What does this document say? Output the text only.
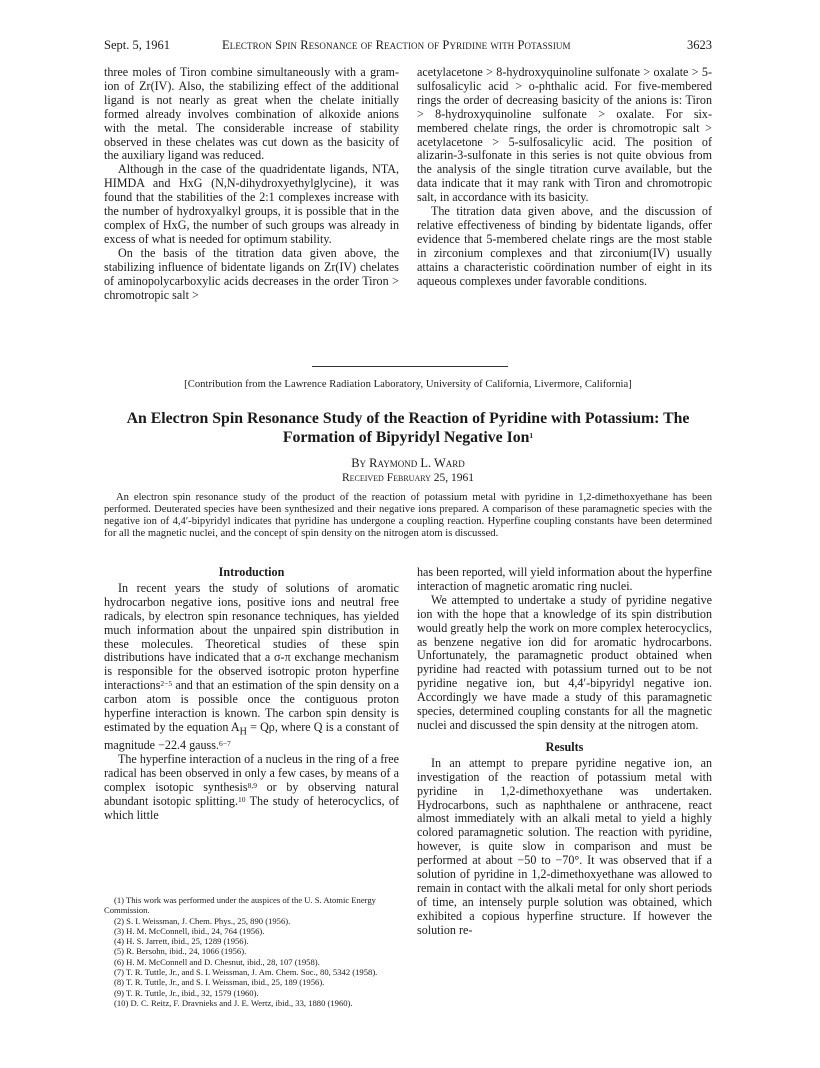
Sept. 5, 1961	Electron Spin Resonance of Reaction of Pyridine with Potassium	3623

three moles of Tiron combine simultaneously with a gram-ion of Zr(IV). Also, the stabilizing effect of the additional ligand is not nearly as great when the chelate initially formed already involves combination of alkoxide anions with the metal. The considerable increase of stability observed in these chelates was cut down as the basicity of the auxiliary ligand was reduced.

Although in the case of the quadridentate ligands, NTA, HIMDA and HxG (N,N-dihydroxyethylglycine), it was found that the stabilities of the 2:1 complexes increase with the number of hydroxyalkyl groups, it is possible that in the complex of HxG, the number of such groups was already in excess of what is needed for optimum stability.

On the basis of the titration data given above, the stabilizing influence of bidentate ligands on Zr(IV) chelates of aminopolycarboxylic acids decreases in the order Tiron > chromotropic salt >

acetylacetone > 8-hydroxyquinoline sulfonate > oxalate > 5-sulfosalicylic acid > o-phthalic acid. For five-membered rings the order of decreasing basicity of the anions is: Tiron > 8-hydroxyquinoline sulfonate > oxalate. For six-membered chelate rings, the order is chromotropic salt > acetylacetone > 5-sulfosalicylic acid. The position of alizarin-3-sulfonate in this series is not quite obvious from the analysis of the single titration curve available, but the data indicate that it may rank with Tiron and chromotropic salt, in accordance with its basicity.

The titration data given above, and the discussion of relative effectiveness of binding by bidentate ligands, offer evidence that 5-membered chelate rings are the most stable in zirconium complexes and that zirconium(IV) usually attains a characteristic coördination number of eight in its aqueous complexes under favorable conditions.

[Contribution from the Lawrence Radiation Laboratory, University of California, Livermore, California]
An Electron Spin Resonance Study of the Reaction of Pyridine with Potassium: The
Formation of Bipyridyl Negative Ion$^1$
By Raymond L. Ward
Received February 25, 1961

An electron spin resonance study of the product of the reaction of potassium metal with pyridine in 1,2-dimethoxyethane has been performed. Deuterated species have been synthesized and their negative ions prepared. A comparison of these paramagnetic species with the negative ion of 4,4′-bipyridyl indicates that pyridine has undergone a coupling reaction. Hyperfine coupling constants have been determined for all the magnetic nuclei, and the concept of spin density on the nitrogen atom is discussed.

Introduction

In recent years the study of solutions of aromatic hydrocarbon negative ions, positive ions and neutral free radicals, by electron spin resonance techniques, has yielded much information about the unpaired spin distribution in these molecules. Theoretical studies of these spin distributions have indicated that a σ-π exchange mechanism is responsible for the observed isotropic proton hyperfine interactions$^{2-5}$ and that an estimation of the spin density on a carbon atom is possible once the contiguous proton hyperfine interaction is known. The carbon spin density is estimated by the equation $A_H = Q\rho$, where Q is a constant of magnitude −22.4 gauss.$^{6-7}$

The hyperfine interaction of a nucleus in the ring of a free radical has been observed in only a few cases, by means of a complex isotopic synthesis$^{8,9}$ or by observing natural abundant isotopic splitting.$^{10}$ The study of heterocyclics, of which little

(1) This work was performed under the auspices of the U. S. Atomic Energy Commission.
(2) S. I. Weissman, J. Chem. Phys., 25, 890 (1956).
(3) H. M. McConnell, ibid., 24, 764 (1956).
(4) H. S. Jarrett, ibid., 25, 1289 (1956).
(5) R. Bersohn, ibid., 24, 1066 (1956).
(6) H. M. McConnell and D. Chesnut, ibid., 28, 107 (1958).
(7) T. R. Tuttle, Jr., and S. I. Weissman, J. Am. Chem. Soc., 80, 5342 (1958).
(8) T. R. Tuttle, Jr., and S. I. Weissman, ibid., 25, 189 (1956).
(9) T. R. Tuttle, Jr., ibid., 32, 1579 (1960).
(10) D. C. Reitz, F. Dravnieks and J. E. Wertz, ibid., 33, 1880 (1960).

has been reported, will yield information about the hyperfine interaction of magnetic aromatic ring nuclei.

We attempted to undertake a study of pyridine negative ion with the hope that a knowledge of its spin distribution would greatly help the work on more complex heterocyclics, as benzene negative ion did for aromatic hydrocarbons. Unfortunately, the paramagnetic product obtained when pyridine had reacted with potassium turned out to be not pyridine negative ion, but 4,4′-bipyridyl negative ion. Accordingly we have made a study of this paramagnetic species, determined coupling constants for all the magnetic nuclei and discussed the spin density at the nitrogen atom.

Results

In an attempt to prepare pyridine negative ion, an investigation of the reaction of potassium metal with pyridine in 1,2-dimethoxyethane was undertaken. Hydrocarbons, such as naphthalene or anthracene, react almost immediately with an alkali metal to yield a highly colored paramagnetic solution. The reaction with pyridine, however, is quite slow in comparison and must be performed at about −50 to −70°. It was observed that if a solution of pyridine in 1,2-dimethoxyethane was allowed to remain in contact with the alkali metal for only short periods of time, an intensely purple solution was obtained, which exhibited a copious hyperfine structure. If however the solution re-
